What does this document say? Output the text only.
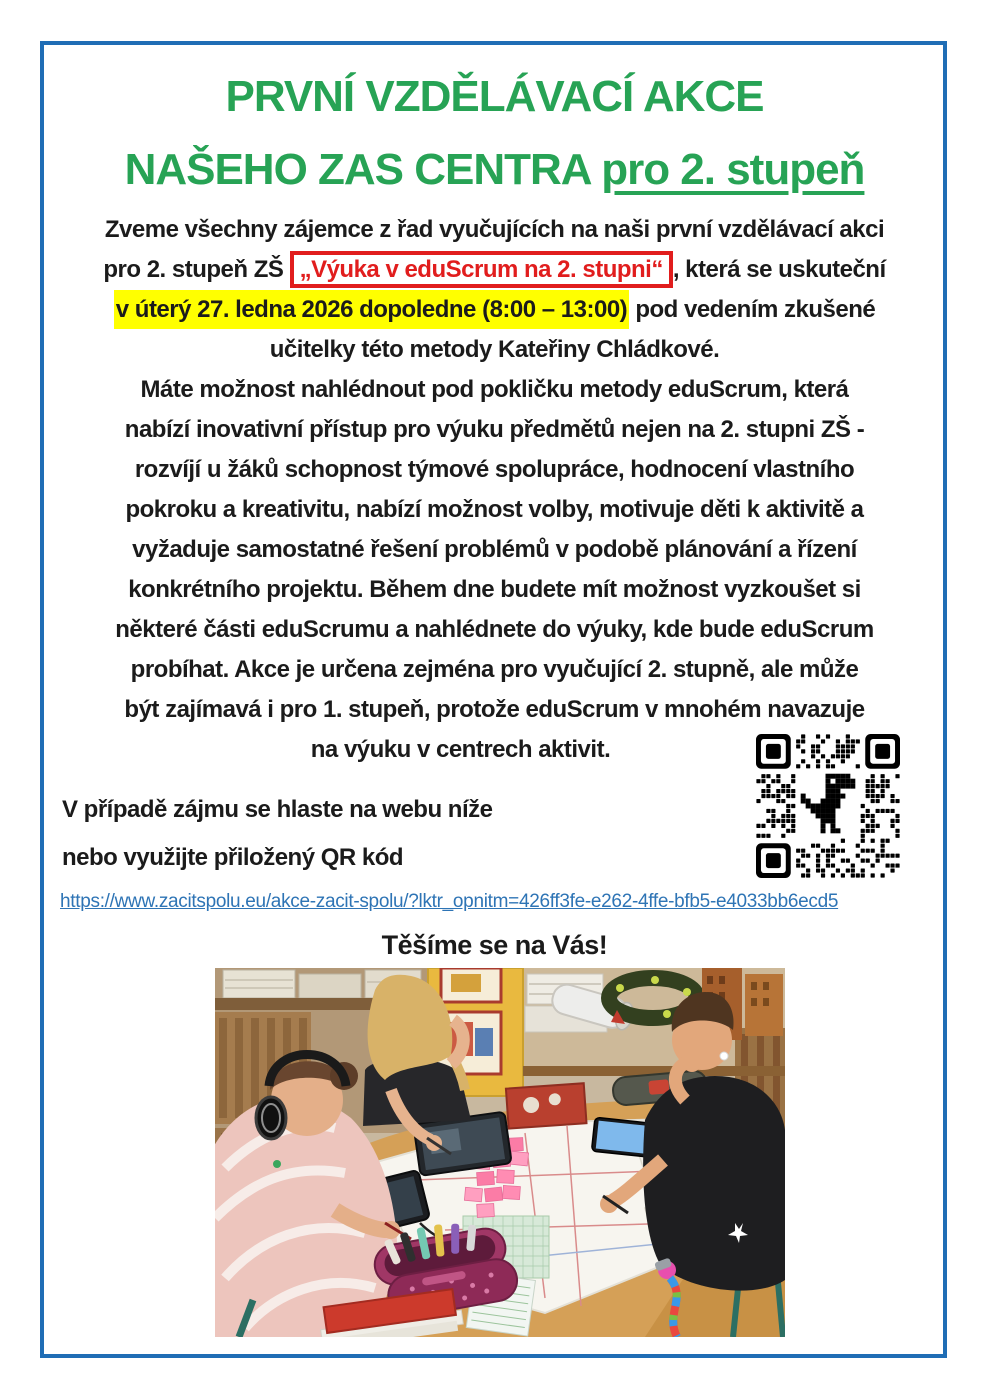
PRVNÍ VZDĚLÁVACÍ AKCE
NAŠEHO ZAS CENTRA pro 2. stupeň
Zveme všechny zájemce z řad vyučujících na naši první vzdělávací akci
pro 2. stupeň ZŠ „Výuka v eduScrum na 2. stupni“ , která se uskuteční
v úterý 27. ledna 2026 dopoledne (8:00 – 13:00) pod vedením zkušené
učitelky této metody Kateřiny Chládkové.
Máte možnost nahlédnout pod pokličku metody eduScrum, která
nabízí inovativní přístup pro výuku předmětů nejen na 2. stupni ZŠ -
rozvíjí u žáků schopnost týmové spolupráce, hodnocení vlastního
pokroku a kreativitu, nabízí možnost volby, motivuje děti k aktivitě a
vyžaduje samostatné řešení problémů v podobě plánování a řízení
konkrétního projektu. Během dne budete mít možnost vyzkoušet si
některé části eduScrumu a nahlédnete do výuky, kde bude eduScrum
probíhat. Akce je určena zejména pro vyučující 2. stupně, ale může
být zajímavá i pro 1. stupeň, protože eduScrum v mnohém navazuje
na výuku v centrech aktivit.
V případě zájmu se hlaste na webu níže
nebo využijte přiložený QR kód
https://www.zacitspolu.eu/akce-zacit-spolu/?lktr_opnitm=426ff3fe-e262-4ffe-bfb5-e4033bb6ecd5
Těšíme se na Vás!
